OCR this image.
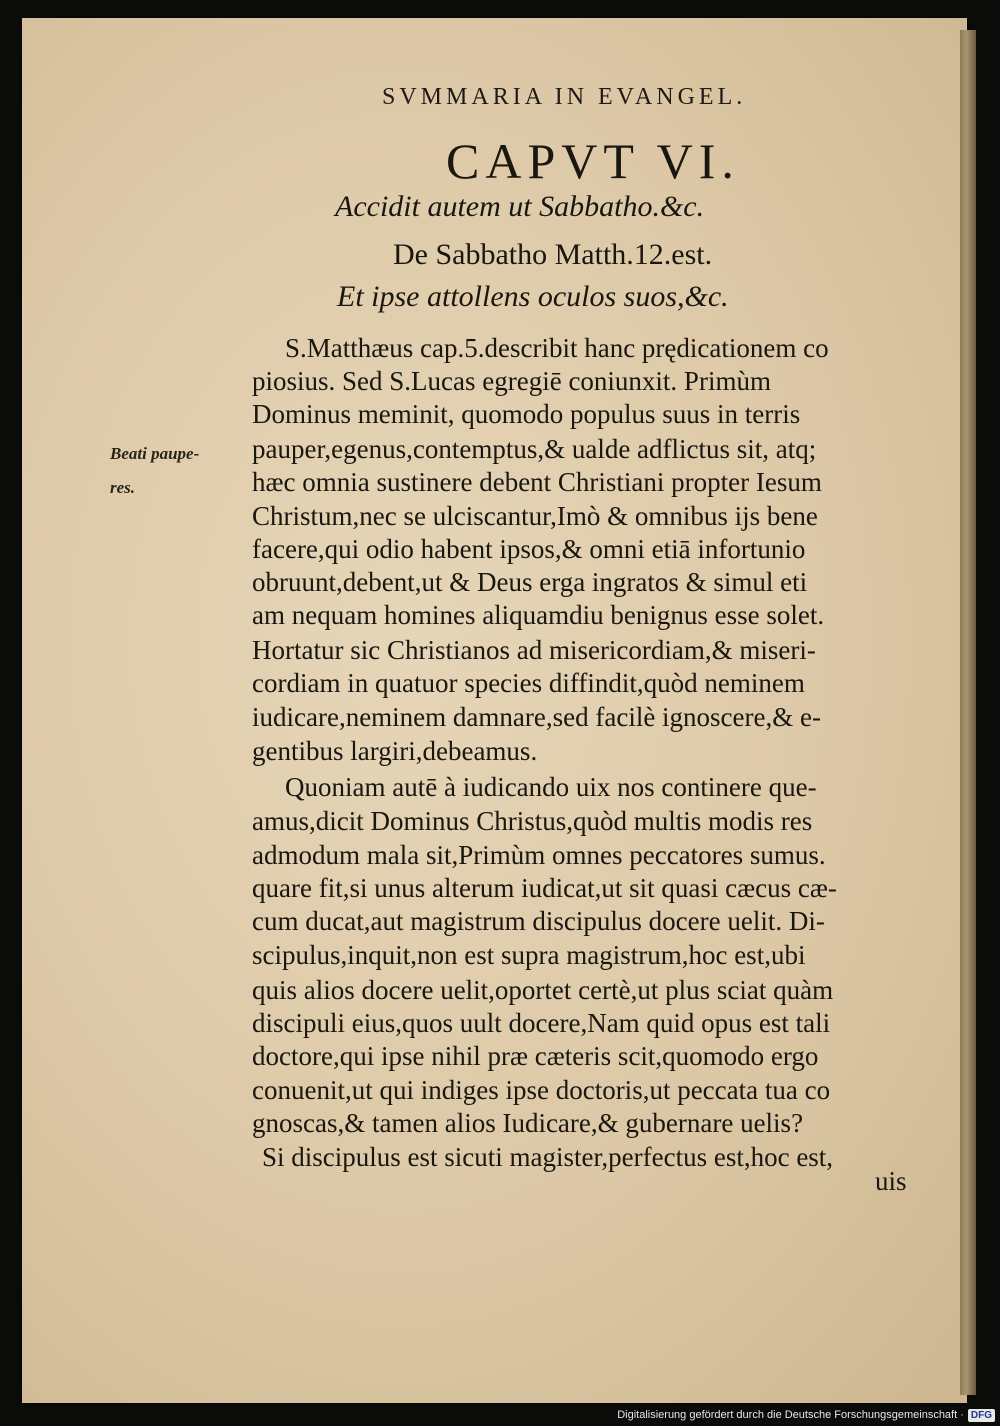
SVMMARIA IN EVANGEL.
CAPVT VI.
Accidit autem ut Sabbatho.&c.
De Sabbatho Matth.12.est.
Et ipse attollens oculos suos,&c.
Beati paupe-
res.
S.Matthæus cap.5.describit hanc prędicationem co
piosius. Sed S.Lucas egregiē coniunxit. Primùm
Dominus meminit, quomodo populus suus in terris
pauper,egenus,contemptus,& ualde adflictus sit, atq;
hæc omnia sustinere debent Christiani propter Iesum
Christum,nec se ulciscantur,Imò & omnibus ijs bene
facere,qui odio habent ipsos,& omni etiā infortunio
obruunt,debent,ut & Deus erga ingratos & simul eti
am nequam homines aliquamdiu benignus esse solet.
Hortatur sic Christianos ad misericordiam,& miseri-
cordiam in quatuor species diffindit,quòd neminem
iudicare,neminem damnare,sed facilè ignoscere,& e-
gentibus largiri,debeamus.
Quoniam autē à iudicando uix nos continere que-
amus,dicit Dominus Christus,quòd multis modis res
admodum mala sit,Primùm omnes peccatores sumus.
quare fit,si unus alterum iudicat,ut sit quasi cæcus cæ-
cum ducat,aut magistrum discipulus docere uelit. Di-
scipulus,inquit,non est supra magistrum,hoc est,ubi
quis alios docere uelit,oportet certè,ut plus sciat quàm
discipuli eius,quos uult docere,Nam quid opus est tali
doctore,qui ipse nihil præ cæteris scit,quomodo ergo
conuenit,ut qui indiges ipse doctoris,ut peccata tua co
gnoscas,& tamen alios Iudicare,& gubernare uelis?
Si discipulus est sicuti magister,perfectus est,hoc est,
uis
Digitalisierung gefördert durch die Deutsche Forschungsgemeinschaft · DFG
